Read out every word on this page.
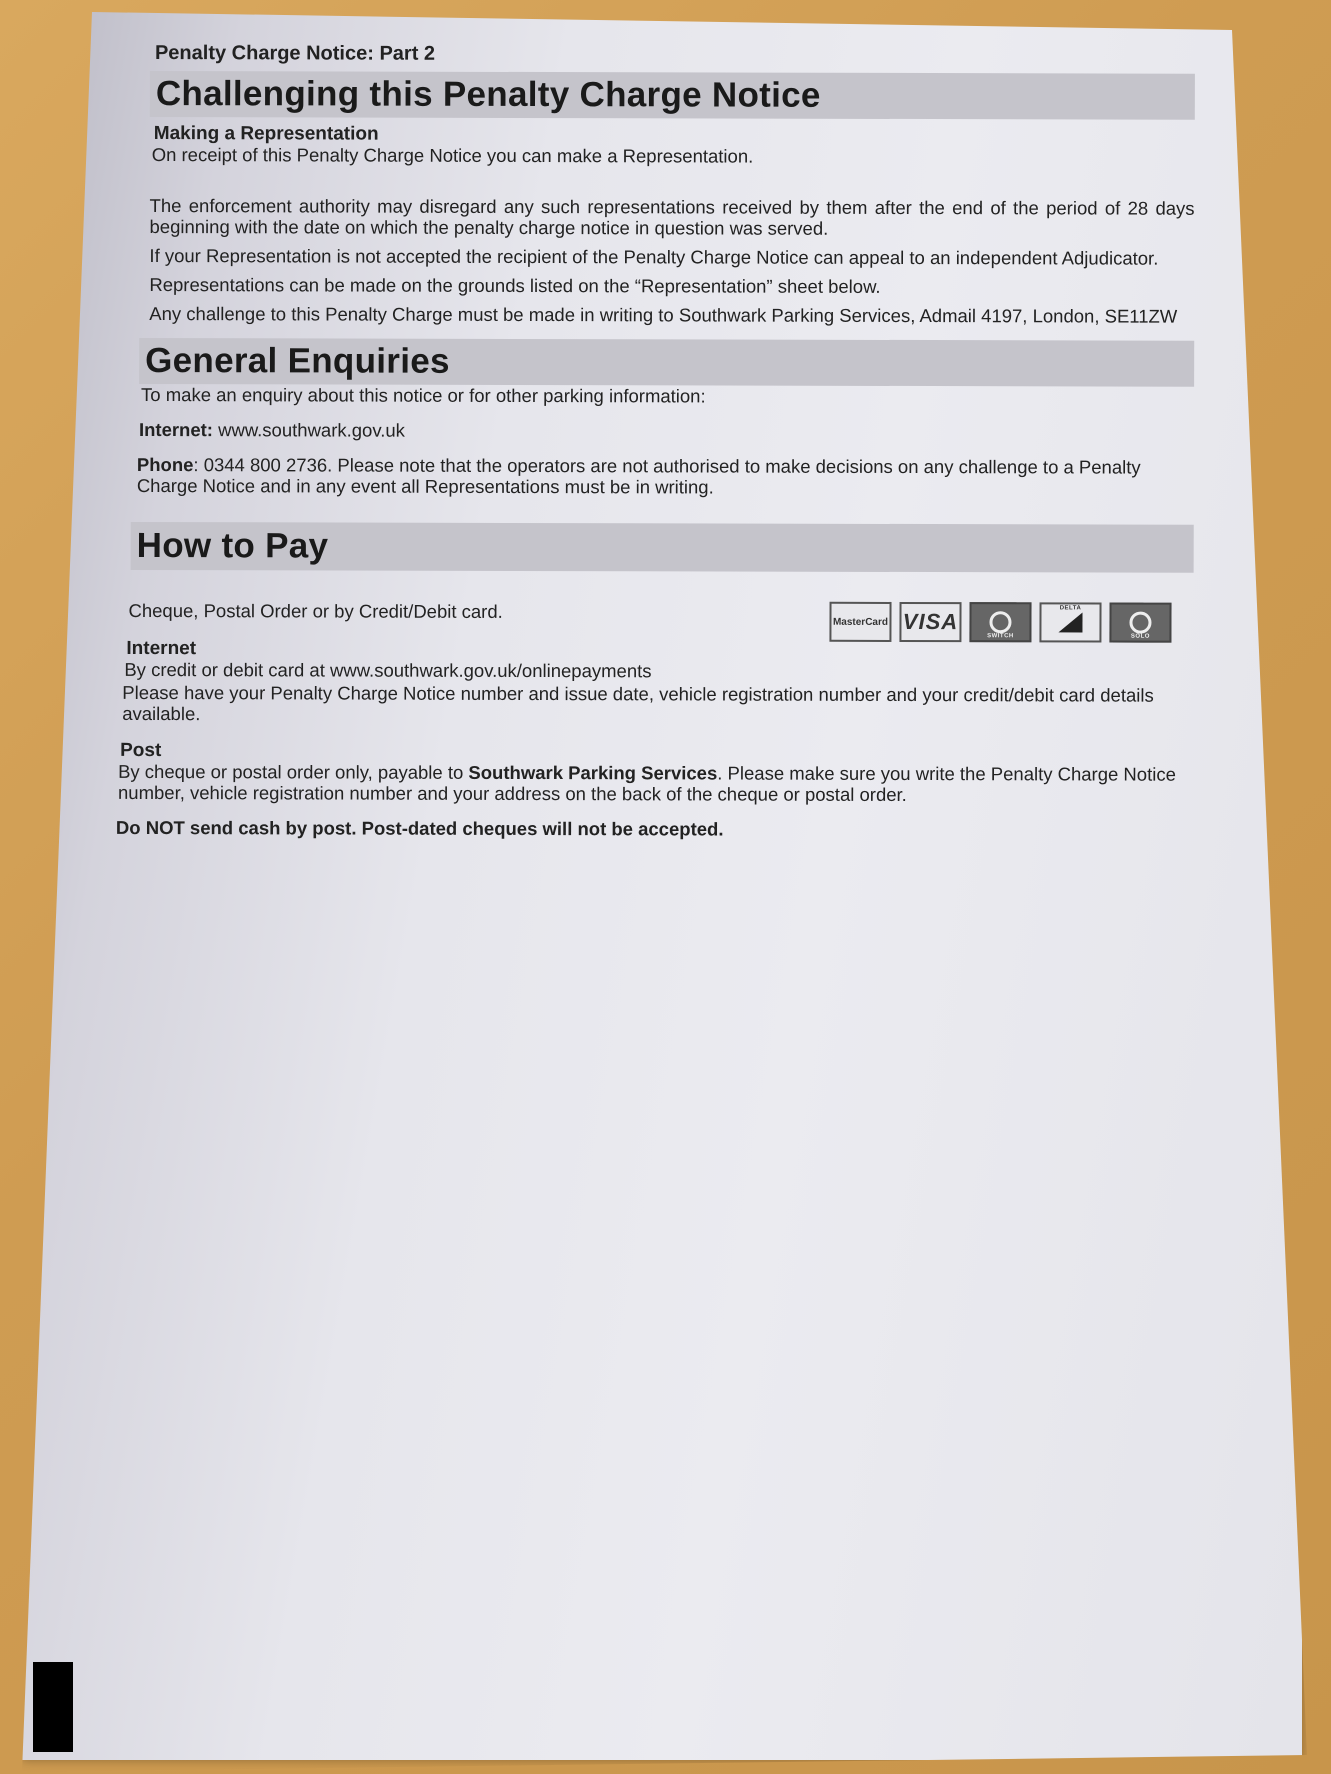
Penalty Charge Notice: Part 2
Challenging this Penalty Charge Notice
Making a Representation

On receipt of this Penalty Charge Notice you can make a Representation.

The enforcement authority may disregard any such representations received by them after the end of the period of 28 days beginning with the date on which the penalty charge notice in question was served.

If your Representation is not accepted the recipient of the Penalty Charge Notice can appeal to an independent Adjudicator.

Representations can be made on the grounds listed on the “Representation” sheet below.

Any challenge to this Penalty Charge must be made in writing to Southwark Parking Services, Admail 4197, London, SE11ZW

General Enquiries

To make an enquiry about this notice or for other parking information:

Internet: www.southwark.gov.uk

Phone: 0344 800 2736. Please note that the operators are not authorised to make decisions on any challenge to a Penalty Charge Notice and in any event all Representations must be in writing.

How to Pay

Cheque, Postal Order or by Credit/Debit card.	MasterCard VISA
SWITCH
DELTA
SOLO
Internet

By credit or debit card at www.southwark.gov.uk/onlinepayments

Please have your Penalty Charge Notice number and issue date, vehicle registration number and your credit/debit card details available.

Post

By cheque or postal order only, payable to Southwark Parking Services. Please make sure you write the Penalty Charge Notice number, vehicle registration number and your address on the back of the cheque or postal order.

Do NOT send cash by post. Post-dated cheques will not be accepted.
